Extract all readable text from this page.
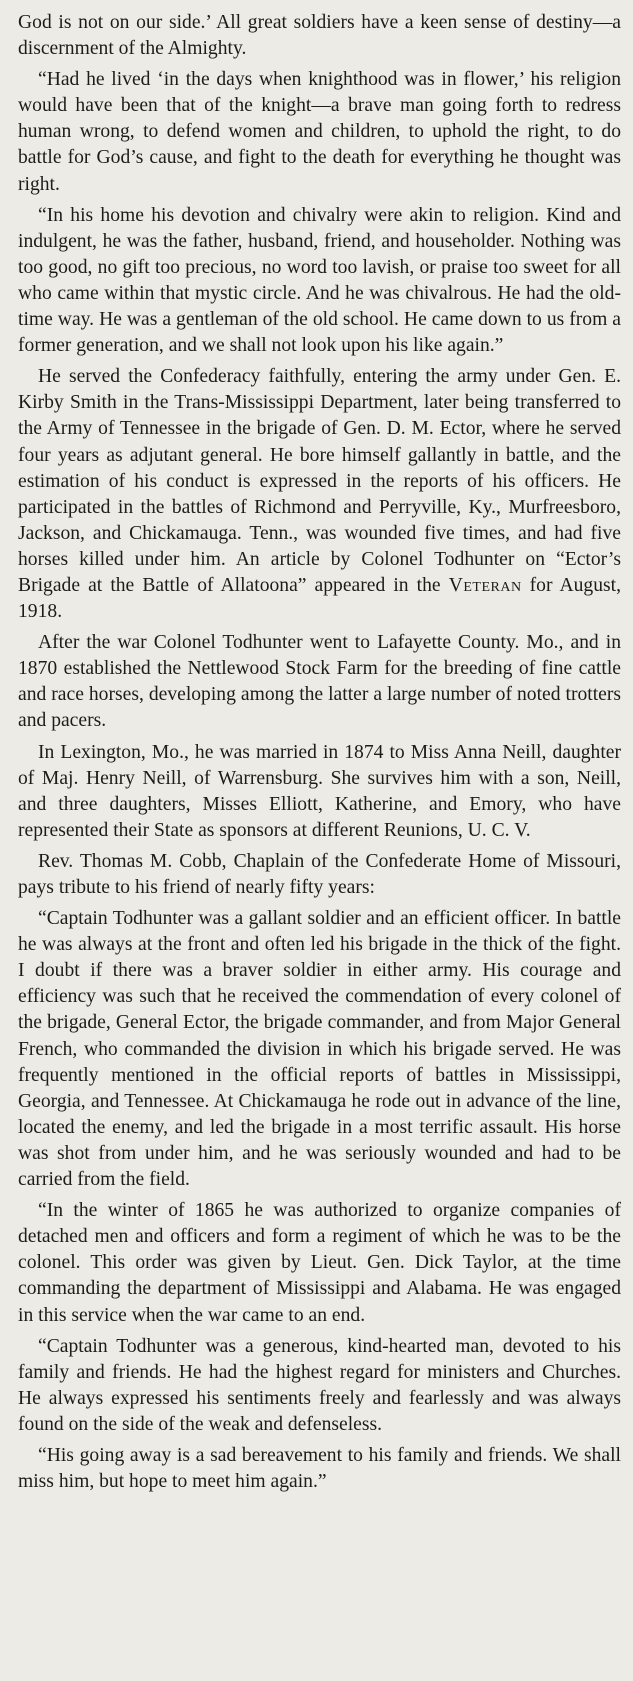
God is not on our side.’ All great soldiers have a keen sense of destiny—a discernment of the Almighty.

“Had he lived ‘in the days when knighthood was in flower,’ his religion would have been that of the knight—a brave man going forth to redress human wrong, to defend women and children, to uphold the right, to do battle for God’s cause, and fight to the death for everything he thought was right.

“In his home his devotion and chivalry were akin to religion. Kind and indulgent, he was the father, husband, friend, and householder. Nothing was too good, no gift too precious, no word too lavish, or praise too sweet for all who came within that mystic circle. And he was chivalrous. He had the old-time way. He was a gentleman of the old school. He came down to us from a former generation, and we shall not look upon his like again.”

He served the Confederacy faithfully, entering the army under Gen. E. Kirby Smith in the Trans-Mississippi Department, later being transferred to the Army of Tennessee in the brigade of Gen. D. M. Ector, where he served four years as adjutant general. He bore himself gallantly in battle, and the estimation of his conduct is expressed in the reports of his officers. He participated in the battles of Richmond and Perryville, Ky., Murfreesboro, Jackson, and Chickamauga. Tenn., was wounded five times, and had five horses killed under him. An article by Colonel Todhunter on “Ector’s Brigade at the Battle of Allatoona” appeared in the Veteran for August, 1918.

After the war Colonel Todhunter went to Lafayette County. Mo., and in 1870 established the Nettlewood Stock Farm for the breeding of fine cattle and race horses, developing among the latter a large number of noted trotters and pacers.

In Lexington, Mo., he was married in 1874 to Miss Anna Neill, daughter of Maj. Henry Neill, of Warrensburg. She survives him with a son, Neill, and three daughters, Misses Elliott, Katherine, and Emory, who have represented their State as sponsors at different Reunions, U. C. V.

Rev. Thomas M. Cobb, Chaplain of the Confederate Home of Missouri, pays tribute to his friend of nearly fifty years:

“Captain Todhunter was a gallant soldier and an efficient officer. In battle he was always at the front and often led his brigade in the thick of the fight. I doubt if there was a braver soldier in either army. His courage and efficiency was such that he received the commendation of every colonel of the brigade, General Ector, the brigade commander, and from Major General French, who commanded the division in which his brigade served. He was frequently mentioned in the official reports of battles in Mississippi, Georgia, and Tennessee. At Chickamauga he rode out in advance of the line, located the enemy, and led the brigade in a most terrific assault. His horse was shot from under him, and he was seriously wounded and had to be carried from the field.

“In the winter of 1865 he was authorized to organize companies of detached men and officers and form a regiment of which he was to be the colonel. This order was given by Lieut. Gen. Dick Taylor, at the time commanding the department of Mississippi and Alabama. He was engaged in this service when the war came to an end.

“Captain Todhunter was a generous, kind-hearted man, devoted to his family and friends. He had the highest regard for ministers and Churches. He always expressed his sentiments freely and fearlessly and was always found on the side of the weak and defenseless.

“His going away is a sad bereavement to his family and friends. We shall miss him, but hope to meet him again.”
